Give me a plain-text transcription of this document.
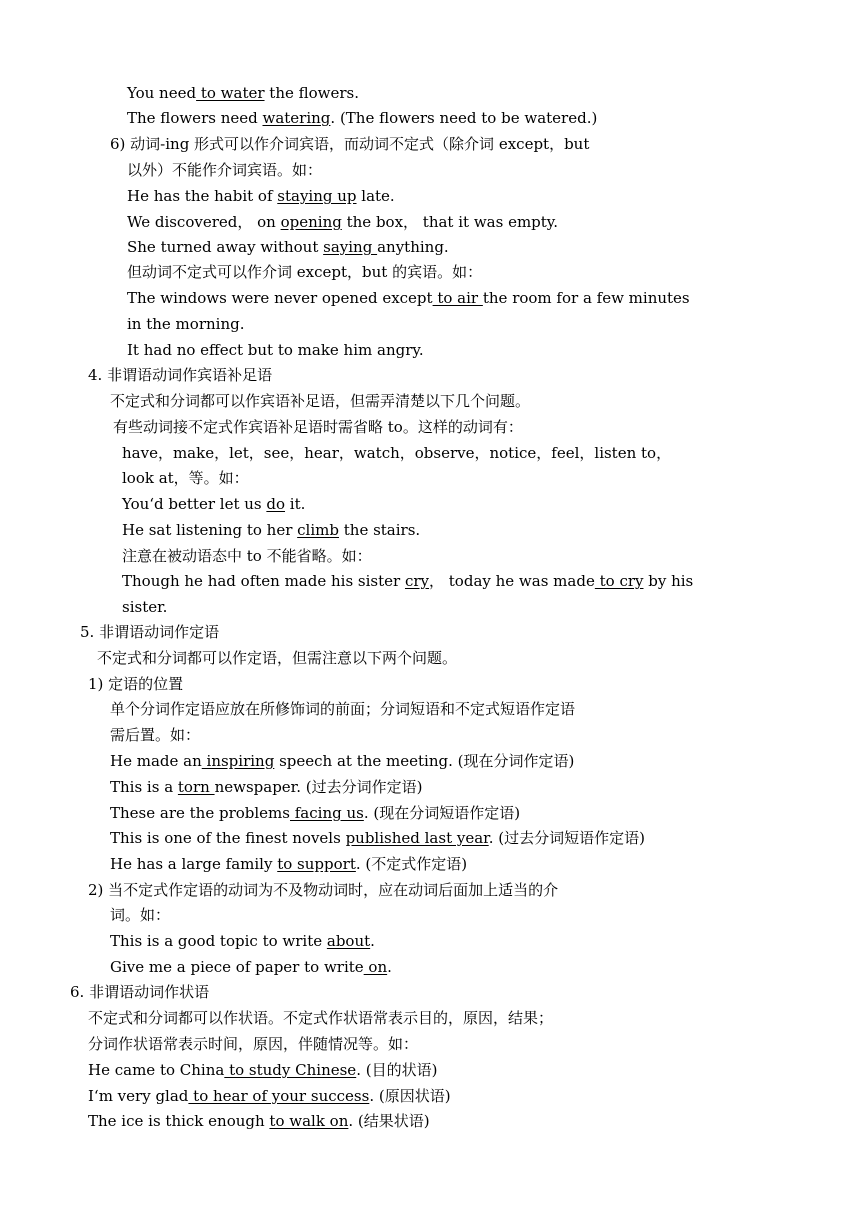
You need to water the flowers.
The flowers need watering. (The flowers need to be watered.)
6) 动词-ing 形式可以作介词宾语，而动词不定式（除介词 except，but
以外）不能作介词宾语。如：
He has the habit of staying up late.
We discovered， on opening the box， that it was empty.
She turned away without saying anything.
但动词不定式可以作介词 except，but 的宾语。如：
The windows were never opened except to air the room for a few minutes
in the morning.
It had no effect but to make him angry.
4. 非谓语动词作宾语补足语
不定式和分词都可以作宾语补足语，但需弄清楚以下几个问题。
有些动词接不定式作宾语补足语时需省略 to。这样的动词有：
have，make，let，see，hear，watch，observe，notice，feel，listen to，
look at，等。如：
You‘d better let us do it.
He sat listening to her climb the stairs.
注意在被动语态中 to 不能省略。如：
Though he had often made his sister cry， today he was made to cry by his
sister.
5. 非谓语动词作定语
不定式和分词都可以作定语，但需注意以下两个问题。
1) 定语的位置
单个分词作定语应放在所修饰词的前面；分词短语和不定式短语作定语
需后置。如：
He made an inspiring speech at the meeting. (现在分词作定语)
This is a torn newspaper. (过去分词作定语)
These are the problems facing us. (现在分词短语作定语)
This is one of the finest novels published last year. (过去分词短语作定语)
He has a large family to support. (不定式作定语)
2) 当不定式作定语的动词为不及物动词时，应在动词后面加上适当的介
词。如：
This is a good topic to write about.
Give me a piece of paper to write on.
6. 非谓语动词作状语
不定式和分词都可以作状语。不定式作状语常表示目的，原因，结果；
分词作状语常表示时间，原因，伴随情况等。如：
He came to China to study Chinese. (目的状语)
I‘m very glad to hear of your success. (原因状语)
The ice is thick enough to walk on. (结果状语)
